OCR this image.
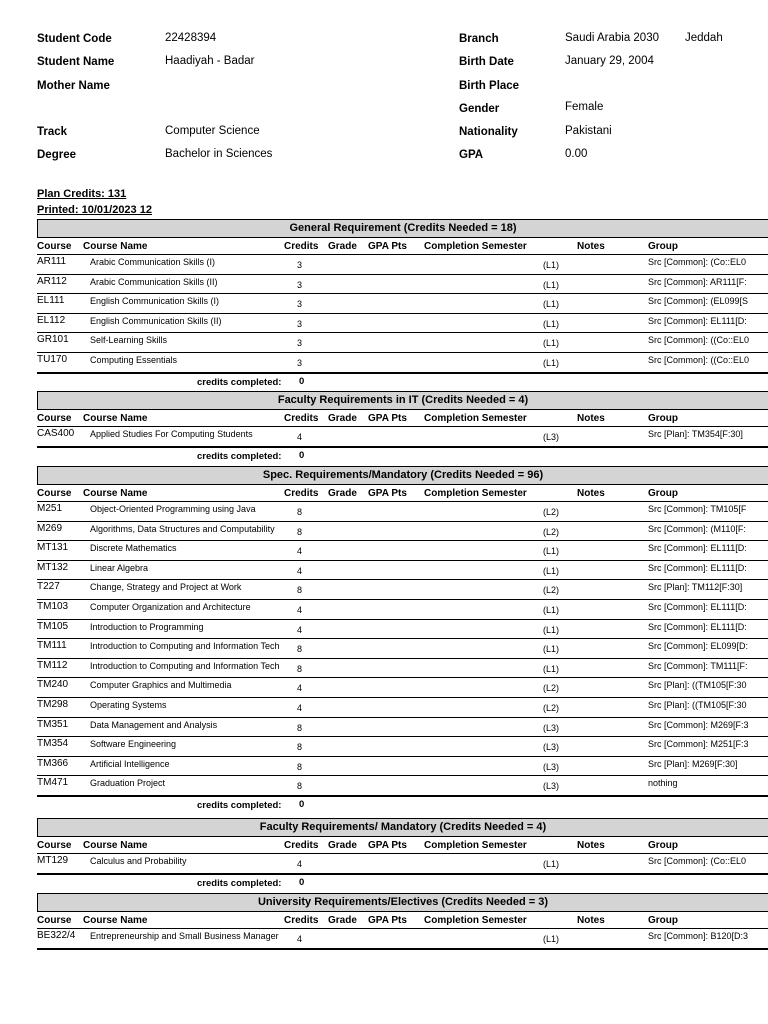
Student Code	22428394
Student Name	Haadiyah - Badar
Mother Name
Track	Computer Science
Degree	Bachelor in Sciences
Branch	Saudi Arabia 2030 Jeddah
Birth Date	January 29, 2004
Birth Place
Gender	Female
Nationality	Pakistani
GPA	0.00
Plan Credits: 131
Printed: 10/01/2023 12
General Requirement (Credits Needed = 18)
Course Course Name	Credits Grade GPA Pts Completion Semester	Notes	Group
AR111	Arabic Communication Skills (I)	3	(L1)	Src [Common]: (Co::EL0
AR112	Arabic Communication Skills (II)	3	(L1)	Src [Common]: AR111[F:
EL111	English Communication Skills (I)	3	(L1)	Src [Common]: (EL099[S
EL112	English Communication Skills (II)	3	(L1)	Src [Common]: EL111[D:
GR101	Self-Learning Skills	3	(L1)	Src [Common]: ((Co::EL0
TU170	Computing Essentials	3	(L1)	Src [Common]: ((Co::EL0
credits completed: 0
Faculty Requirements in IT (Credits Needed = 4)
Course Course Name	Credits Grade GPA Pts Completion Semester	Notes	Group
CAS400	Applied Studies For Computing Students	4	(L3)	Src [Plan]: TM354[F:30]
credits completed: 0
Spec. Requirements/Mandatory (Credits Needed = 96)
Course Course Name	Credits Grade GPA Pts Completion Semester	Notes	Group
M251	Object-Oriented Programming using Java	8	(L2)	Src [Common]: TM105[F
M269	Algorithms, Data Structures and Computability	8	(L2)	Src [Common]: (M110[F:
MT131	Discrete Mathematics	4	(L1)	Src [Common]: EL111[D:
MT132	Linear Algebra	4	(L1)	Src [Common]: EL111[D:
T227	Change, Strategy and Project at Work	8	(L2)	Src [Plan]: TM112[F:30]
TM103	Computer Organization and Architecture	4	(L1)	Src [Common]: EL111[D:
TM105	Introduction to Programming	4	(L1)	Src [Common]: EL111[D:
TM111	Introduction to Computing and Information Tech 8	(L1)	Src [Common]: EL099[D:
TM112	Introduction to Computing and Information Tech 8	(L1)	Src [Common]: TM111[F:
TM240	Computer Graphics and Multimedia	4	(L2)	Src [Plan]: ((TM105[F:30
TM298	Operating Systems	4	(L2)	Src [Plan]: ((TM105[F:30
TM351	Data Management and Analysis	8	(L3)	Src [Common]: M269[F:3
TM354	Software Engineering	8	(L3)	Src [Common]: M251[F:3
TM366	Artificial Intelligence	8	(L3)	Src [Plan]: M269[F:30]
TM471	Graduation Project	8	(L3)	nothing
credits completed: 0
Faculty Requirements/ Mandatory (Credits Needed = 4)
Course Course Name	Credits Grade GPA Pts Completion Semester	Notes	Group
MT129	Calculus and Probability	4	(L1)	Src [Common]: (Co::EL0
credits completed: 0
University Requirements/Electives (Credits Needed = 3)
Course Course Name	Credits Grade GPA Pts Completion Semester	Notes	Group
BE322/4	Entrepreneurship and Small Business Manager 4	(L1)	Src [Common]: B120[D:3
